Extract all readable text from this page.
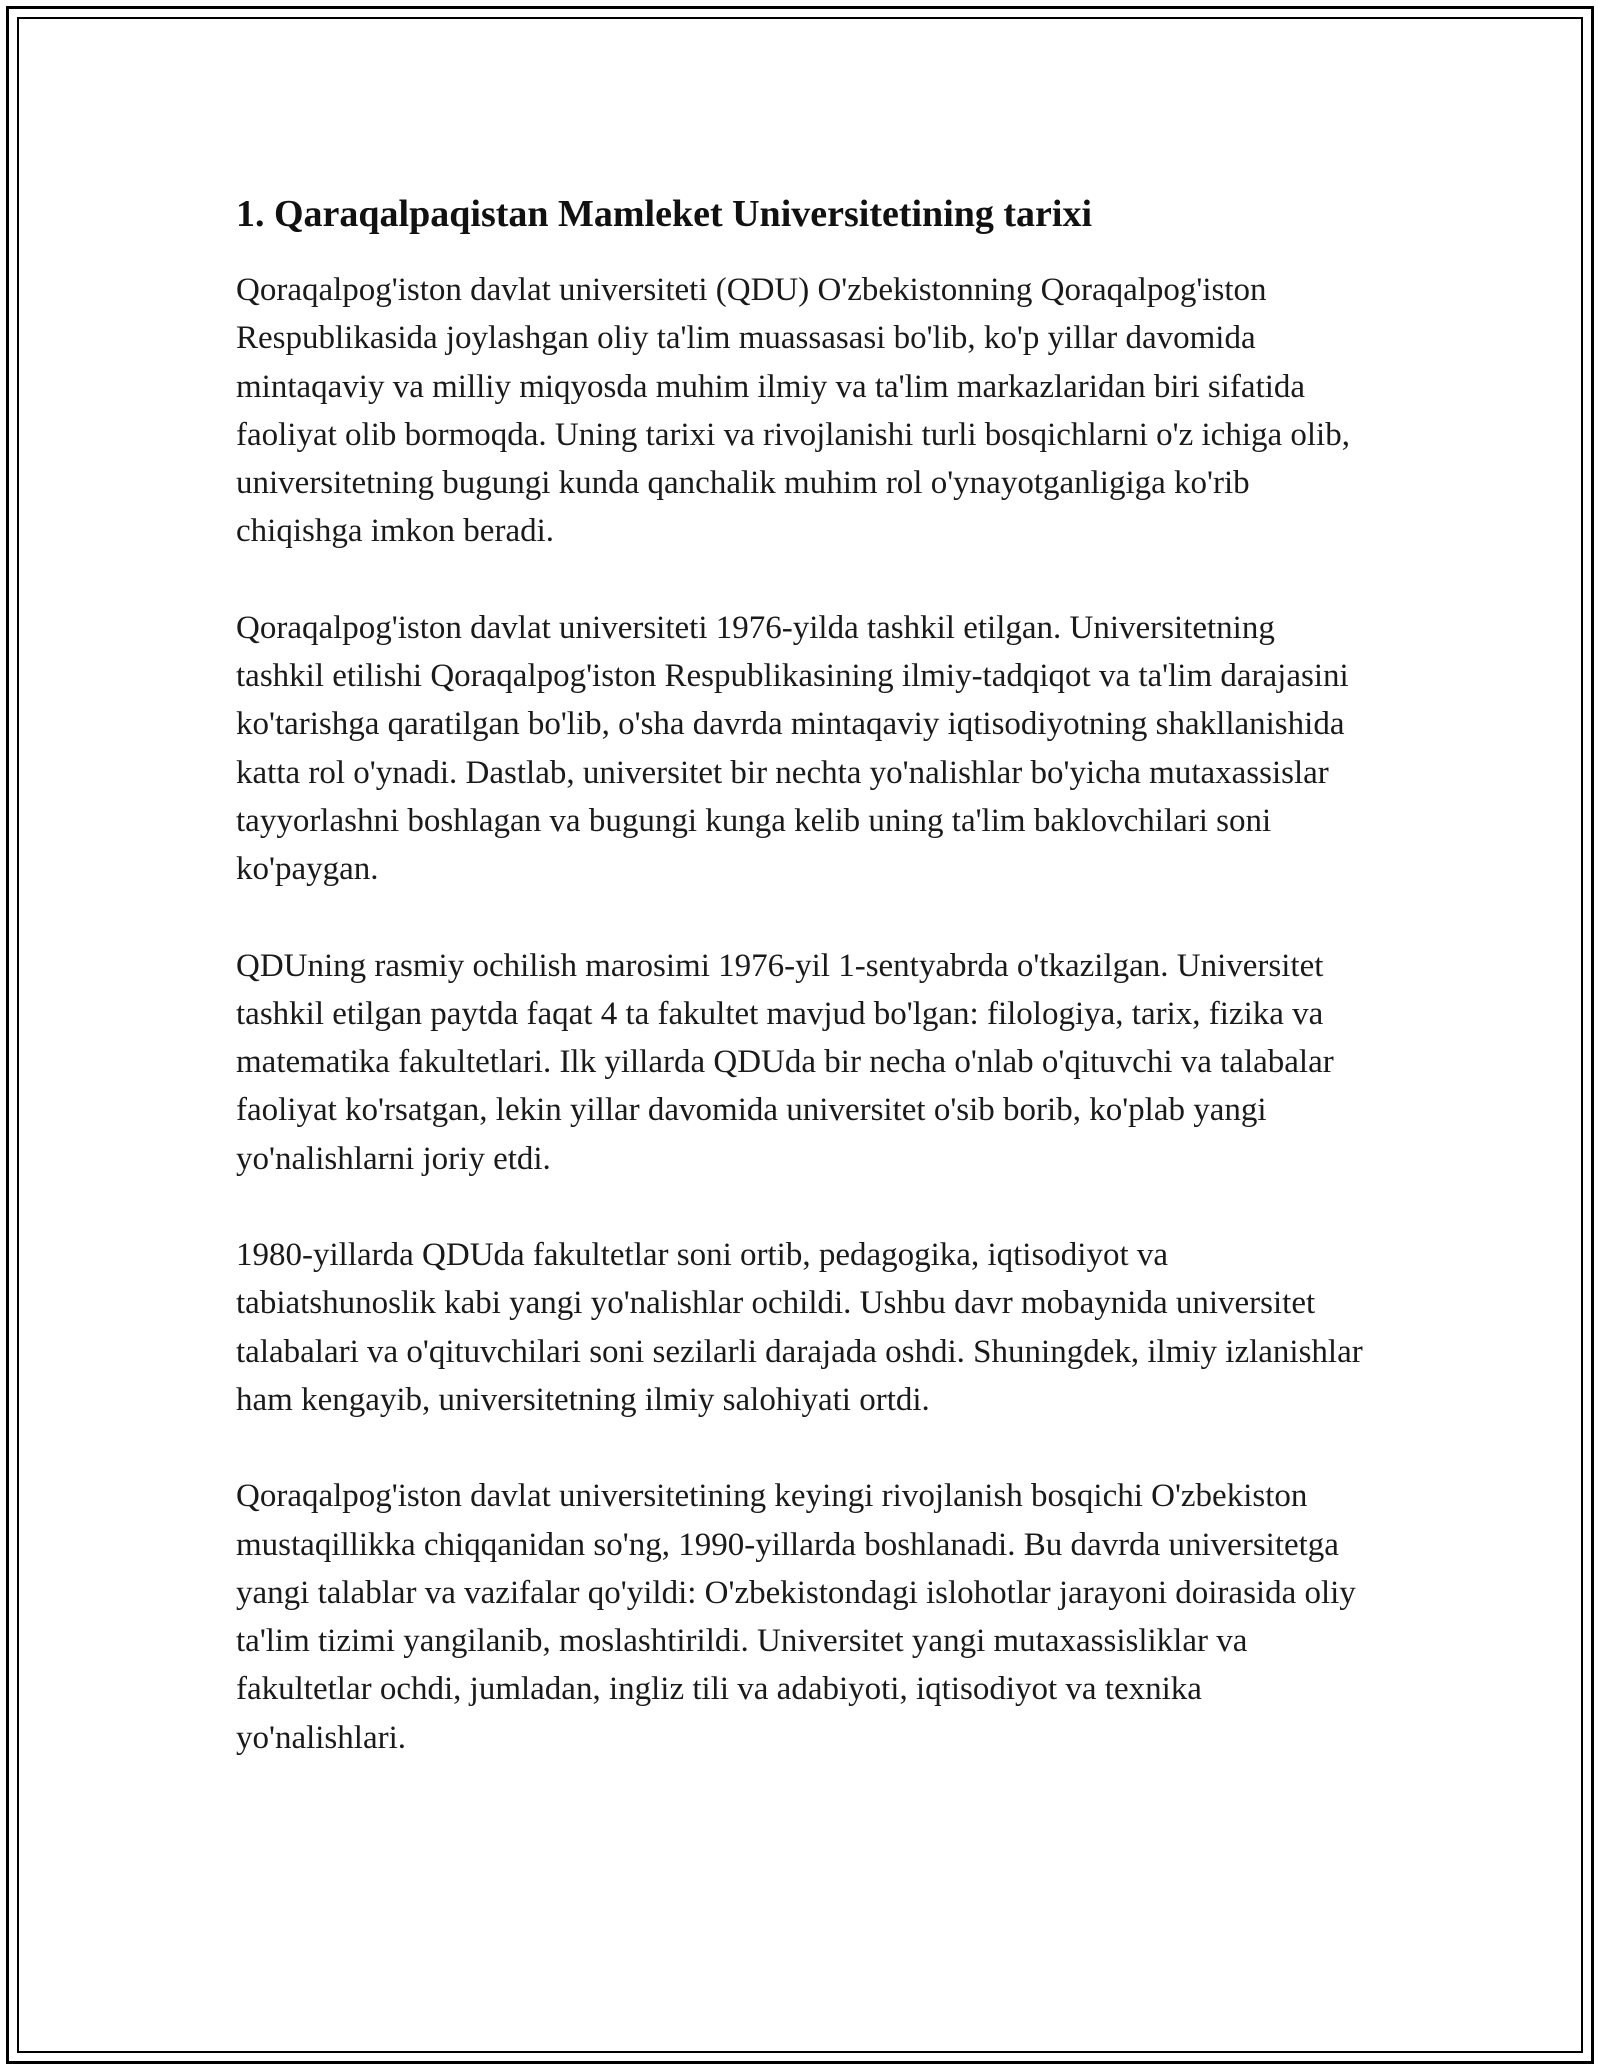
1. Qaraqalpaqistan Mamleket Universitetining tarixi

Qoraqalpog'iston davlat universiteti (QDU) O'zbekistonning Qoraqalpog'iston Respublikasida joylashgan oliy ta'lim muassasasi bo'lib, ko'p yillar davomida mintaqaviy va milliy miqyosda muhim ilmiy va ta'lim markazlaridan biri sifatida faoliyat olib bormoqda. Uning tarixi va rivojlanishi turli bosqichlarni o'z ichiga olib, universitetning bugungi kunda qanchalik muhim rol o'ynayotganligiga ko'rib chiqishga imkon beradi.

Qoraqalpog'iston davlat universiteti 1976-yilda tashkil etilgan. Universitetning tashkil etilishi Qoraqalpog'iston Respublikasining ilmiy-tadqiqot va ta'lim darajasini ko'tarishga qaratilgan bo'lib, o'sha davrda mintaqaviy iqtisodiyotning shakllanishida katta rol o'ynadi. Dastlab, universitet bir nechta yo'nalishlar bo'yicha mutaxassislar tayyorlashni boshlagan va bugungi kunga kelib uning ta'lim baklovchilari soni ko'paygan.

QDUning rasmiy ochilish marosimi 1976-yil 1-sentyabrda o'tkazilgan. Universitet tashkil etilgan paytda faqat 4 ta fakultet mavjud bo'lgan: filologiya, tarix, fizika va matematika fakultetlari. Ilk yillarda QDUda bir necha o'nlab o'qituvchi va talabalar faoliyat ko'rsatgan, lekin yillar davomida universitet o'sib borib, ko'plab yangi yo'nalishlarni joriy etdi.

1980-yillarda QDUda fakultetlar soni ortib, pedagogika, iqtisodiyot va tabiatshunoslik kabi yangi yo'nalishlar ochildi. Ushbu davr mobaynida universitet talabalari va o'qituvchilari soni sezilarli darajada oshdi. Shuningdek, ilmiy izlanishlar ham kengayib, universitetning ilmiy salohiyati ortdi.

Qoraqalpog'iston davlat universitetining keyingi rivojlanish bosqichi O'zbekiston mustaqillikka chiqqanidan so'ng, 1990-yillarda boshlanadi. Bu davrda universitetga yangi talablar va vazifalar qo'yildi: O'zbekistondagi islohotlar jarayoni doirasida oliy ta'lim tizimi yangilanib, moslashtirildi. Universitet yangi mutaxassisliklar va fakultetlar ochdi, jumladan, ingliz tili va adabiyoti, iqtisodiyot va texnika yo'nalishlari.
